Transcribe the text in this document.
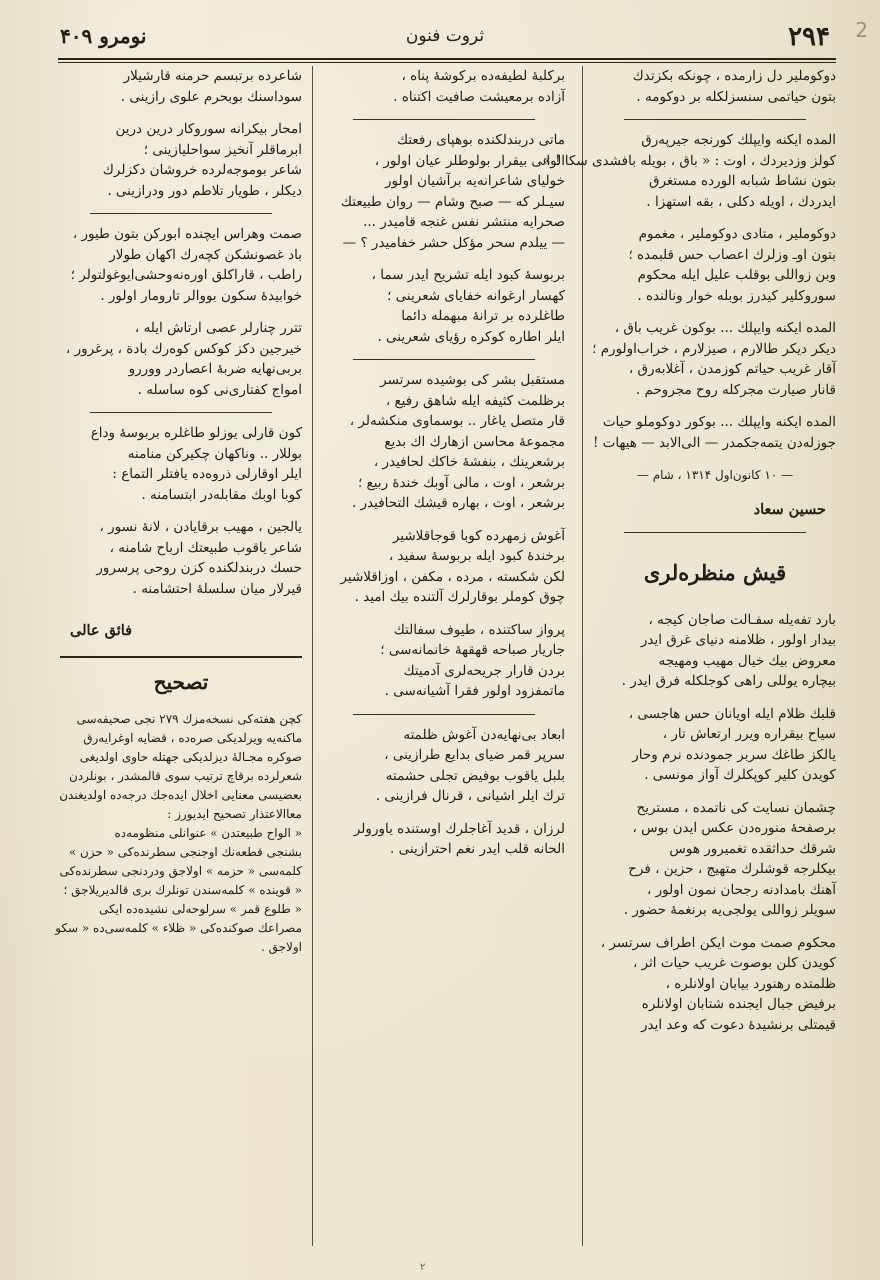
2
۲۹۴
ثروت فنون
نومرو ۴۰۹
دوکوملیر دل زارمده ، چونکه بکزتدك
بتون حیاتمی سنسزلکله بر دوکومه .
المده ایکنه وایپلك کورنجه جیرپه‌رق
کولز وزدیردك ، اوت : « باق ، بویله بافشدی‌ سکا ! »
بتون نشاط شبابه‌ الورده مستغرق
ایدردك ، اویله دکلی ، بقه استهزا .
دوکوملیر ، متادی دوکوملیر ، مغموم
بتون اوـ وزلرك اعصاب حس قلبمده ؛
وبن زواللی بوقلب علیل ایله محکوم
سوروکلیر کیدرز بوبله خوار ونالنده .
المده ایکنه وایپلك ... بوکون غریب باق ،
دیکر دیکر طالارم ، صیزلارم ، خراب‌اولورم ؛
آقار غریب حیاتم کوزمدن ، آغلابه‌رق ،
قانار صیارت مجرکله روح مجروحم .
المده ایکنه وایپلك ... بوکور دوکوملو حیات
جوزله‌دن یتمه‌جکمدر — الی‌الابد — هیهات !
— ۱۰ کانون‌اول ۱۳۱۴ ، شام —
حسین سعاد
قیش منظره‌لری
بارد تفه‌یله سفـالت صاجان کیجه ،
بیدار اولور ، ظلامنه دنیای غرق ایدر
معروض بیك خیال مهیب ومهیجه
بیچاره یوللی راهی کوجلکله فرق ایدر .
قلبك ظلام ایله اویانان حس هاجسی ،
سیاح بیقراره ویرر ارتعاش تار ،
یالکز طاغك سربر جمودنده نرم وحار
کویدن کلیر کوپکلرك آواز مونسی .
چشمان نسایت کی ناتمده ، مستریح
برصفحهٔ منوره‌دن عکس ایدن بوس ،
شرقك حداثقده تغمیرور هوس
بیکلرجه قوشلرك متهیج ، حزین ، فرح
آهنك بامدادنه رجحان نمون اولور ،
سویلر زواللی یولجی‌یه برنغمهٔ حضور .
محکوم صمت موت ایکن اطراف سرتسر ،
کویدن کلن بوصوت غریب حیات اثر ،
ظلمتده رهنورد بیابان اولانلره ،
برفیض جبال ایجنده شتابان اولانلره
قیمتلی برنشیدهٔ دعوت که وعد ایدر
برکلبهٔ لطیفه‌ده برکوشهٔ پناه ،
آزاده برمعیشت صافیت اکتناه .
ماتی دربندلکنده بوهپای رفعتك
الوانی بیقرار بولوطلر عیان اولور ،
خولیای شاعرانه‌یه برآشیان اولور
سیـلر که — صبح وشام — روان طبیعتك
صحرایه منتشر نفس غنجه قامیدر ...
— ییلدم سحر مؤکل حشر خفامیدر ؟ —
بربوسهٔ کبود ایله تشریح ایدر سما ،
کهسار ارغوانه خفایای شعرینی ؛
طاغلرده بر ترانهٔ مبهمله دائما
ایلر اطاره کوکره رؤیای شعرینی .
مستقبل بشر کی بوشیده سرتسر
برظلمت کثیفه ایله شاهق رفیع ،
قار متصل یاغار .. بوسماوی منکشه‌لر ،
مجموعهٔ محاسن ازهارك اك بدیع
برشعرینك ، بنفشهٔ خاکك لحافیدر ،
برشعر ، اوت ، مالی آوبك خندهٔ ربیع ؛
برشعر ، اوت ، بهاره قیشك التحافیدر .
آغوش زمهرده کوبا قوجاقلاشیر
برخندهٔ کبود ایله بربوسهٔ سفید ،
لکن شکسته ، مرده ، مکفن ، اوزاقلاشیر
چوق کوملر بوقارلرك آلتنده بیك امید .
پرواز ساکتنده ، طیوف سفالتك
جاریار صباحه قهقههٔ خانمانه‌سی ؛
بردن قارار جریحه‌لری آدمیتك
ماتمفزود اولور فقرا آشیانه‌سی .
ابعاد بی‌نهایه‌دن آغوش ظلمته
سرپر قمر ضیای بدایع طرازینی ،
بلبل یاقوب بوفیض تجلی حشمته
ترك ایلر اشیانی ، قرنال فرازینی .
لرزان ، قدید آغاجلرك اوستنده یاورولر
الحانه قلب ایدر نغم احترازینی .
شاعرده برتبسم حرمنه قارشیلار
سوداسنك بوبحرم علوی رازینی .
امحار بیکرانه سوروکار درین درین
ابرماقلر آنخیز سواحلیازینی ؛
شاعر بوموجه‌لرده خروشان دکزلرك
دیکلر ، طویار تلاطم دور ودرازینی .
صمت وهراس ایچنده ابورکن بتون طیور ،
باد غصونشکن کچه‌رك اکهان طولار
راطب ، قاراکلق اوره‌نه‌وحشی‌ایوغولتولر ؛
خوابیدهٔ سکون بووالر تارومار اولور .
تترر چنارلر عصی ارتاش ایله ،
خیرجین دکز کوکس کوه‌رك بادة ، پرغرور ،
بربی‌نهایه ضربهٔ اعصاردر ووررو
امواج کفتاری‌نی کوه ساسله .
کون قارلی یوزلو طاغلره بربوسهٔ وداع
بوللار .. وناکهان چکیرکن منامنه
ایلر اوقارلی ذروه‌ده یافتلر التماع :
کوبا اوبك مقابله‌در ابتسامنه .
یالجین ، مهیب برقایادن ، لانهٔ نسور ،
شاعر یاقوب طبیعتك ارباح شامنه ،
حسك دربندلکنده کزن روحی پرسرور
قیرلار میان سلسلهٔ احتشامنه .
فائق عالی
تصحیح
کچن هفته‌کی نسخه‌مزك ۲۷۹ نجی صحیفه‌سی
ماکنه‌یه ویرلدیکی صره‌ده ، قضایه اوغرایه‌رق
صوکره مجـالهٔ دیزلدیکی جهتله حاوی اولدیغی
شعرلرده برقاچ ترتیب سوی قالمشدر ، بونلردن
بعضیسی معنایی اخلال ایده‌جك درجه‌ده اولدیغندن
معاالاعتذار تصحیح ایدیورز :
« الواح طبیعتدن » عنوانلی منظومه‌ده
بشنجی قطعه‌نك اوجنجی سطرنده‌کی « حزن »
کلمه‌سی « حزمه » اولاجق ودردنجی سطرنده‌کی
« قوینده » کلمه‌سندن تونلرك بری قالدیریلاجق ؛
« طلوع قمر » سرلوحه‌لی نشیده‌ده ایکی
مصراعك صوکنده‌کی « ظلاء » کلمه‌سی‌ده « سکو
اولاجق .
۲
